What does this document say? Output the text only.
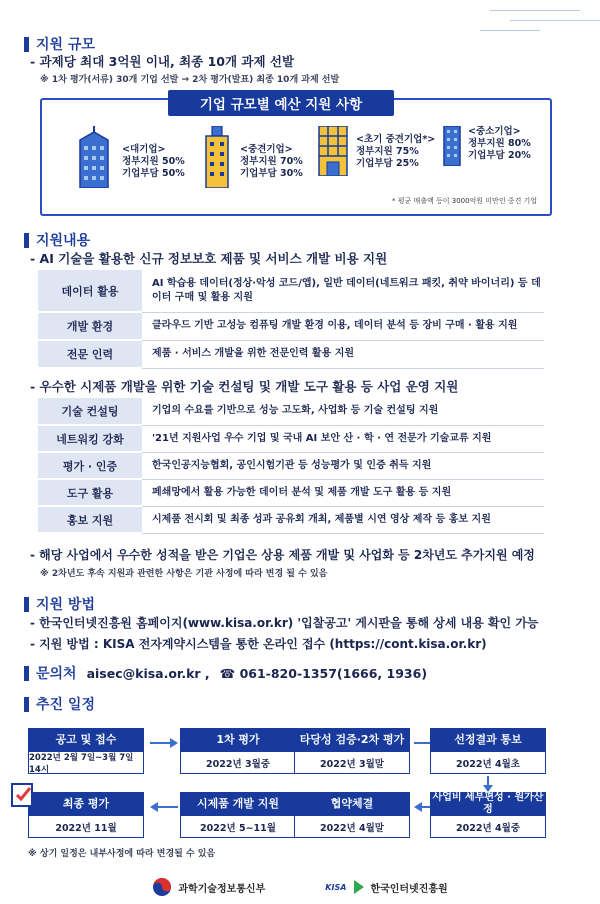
지원 규모
- 과제당 최대 3억원 이내, 최종 10개 과제 선발
※ 1차 평가(서류) 30개 기업 선발 → 2차 평가(발표) 최종 10개 과제 선발
기업 규모별 예산 지원 사항
<대기업>
정부지원 50%
기업부담 50%
<중견기업>
정부지원 70%
기업부담 30%
<초기 중견기업*>
정부지원 75%
기업부담 25%
<중소기업>
정부지원 80%
기업부담 20%
* 평균 매출액 등이 3000억원 미만인 중견 기업
지원내용
- AI 기술을 활용한 신규 정보보호 제품 및 서비스 개발 비용 지원
데이터 활용	AI 학습용 데이터(정상·악성 코드/앱), 일반 데이터(네트워크 패킷, 취약 바이너리) 등 데이터 구매 및 활용 지원
개발 환경	클라우드 기반 고성능 컴퓨팅 개발 환경 이용, 데이터 분석 등 장비 구매 · 활용 지원
전문 인력	제품 · 서비스 개발을 위한 전문인력 활용 지원
- 우수한 시제품 개발을 위한 기술 컨설팅 및 개발 도구 활용 등 사업 운영 지원
기술 컨설팅	기업의 수요를 기반으로 성능 고도화, 사업화 등 기술 컨설팅 지원
네트워킹 강화	'21년 지원사업 우수 기업 및 국내 AI 보안 산 · 학 · 연 전문가 기술교류 지원
평가 · 인증	한국인공지능협회, 공인시험기관 등 성능평가 및 인증 취득 지원
도구 활용	페쇄망에서 활용 가능한 데이터 분석 및 제품 개발 도구 활용 등 지원
홍보 지원	시제품 전시회 및 최종 성과 공유회 개최, 제품별 시연 영상 제작 등 홍보 지원
- 해당 사업에서 우수한 성적을 받은 기업은 상용 제품 개발 및 사업화 등 2차년도 추가지원 예정
※ 2차년도 후속 지원과 관련한 사항은 기관 사정에 따라 변경 될 수 있음
지원 방법
- 한국인터넷진흥원 홈페이지(www.kisa.or.kr) '입찰공고' 게시판을 통해 상세 내용 확인 가능
- 지원 방법 : KISA 전자계약시스템을 통한 온라인 접수 (https://cont.kisa.or.kr)
문의처 aisec@kisa.or.kr , ☎ 061-820-1357(1666, 1936)
추진 일정
공고 및 접수
2022년 2월 7일~3월 7일 14시
1차 평가
2022년 3월중
타당성 검증·2차 평가
2022년 3월말
선정결과 통보
2022년 4월초
최종 평가
2022년 11월
시제품 개발 지원
2022년 5~11월
협약체결
2022년 4월말
사업비 세부편성 · 원가산정
2022년 4월중
※ 상기 일정은 내부사정에 따라 변경될 수 있음
과학기술정보통신부	KISA 한국인터넷진흥원
